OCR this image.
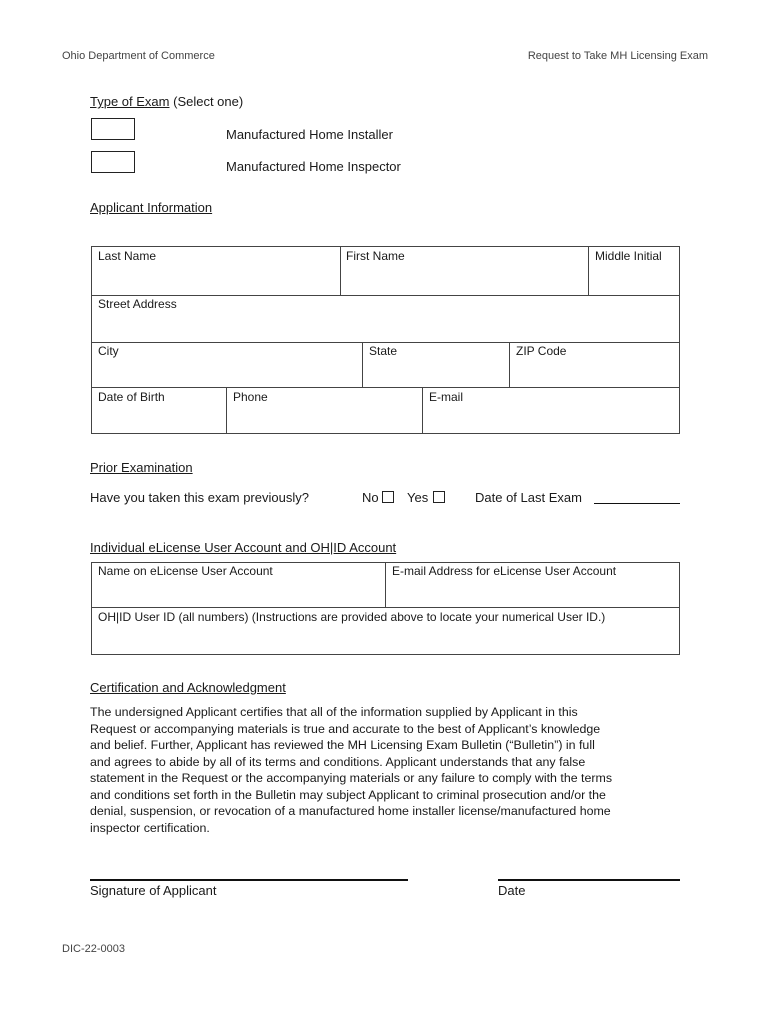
Ohio Department of Commerce	Request to Take MH Licensing Exam
Type of Exam (Select one)
Manufactured Home Installer
Manufactured Home Inspector
Applicant Information
Last Name	First Name	Middle Initial
Street Address
City	State	ZIP Code
Date of Birth	Phone	E-mail
Prior Examination
Have you taken this exam previously?	No	Yes	Date of Last Exam
Individual eLicense User Account and OH|ID Account
Name on eLicense User Account	E-mail Address for eLicense User Account
OH|ID User ID (all numbers) (Instructions are provided above to locate your numerical User ID.)
Certification and Acknowledgment
The undersigned Applicant certifies that all of the information supplied by Applicant in this
Request or accompanying materials is true and accurate to the best of Applicant’s knowledge
and belief. Further, Applicant has reviewed the MH Licensing Exam Bulletin (“Bulletin”) in full
and agrees to abide by all of its terms and conditions. Applicant understands that any false
statement in the Request or the accompanying materials or any failure to comply with the terms
and conditions set forth in the Bulletin may subject Applicant to criminal prosecution and/or the
denial, suspension, or revocation of a manufactured home installer license/manufactured home
inspector certification.
Signature of Applicant	Date
DIC-22-0003
